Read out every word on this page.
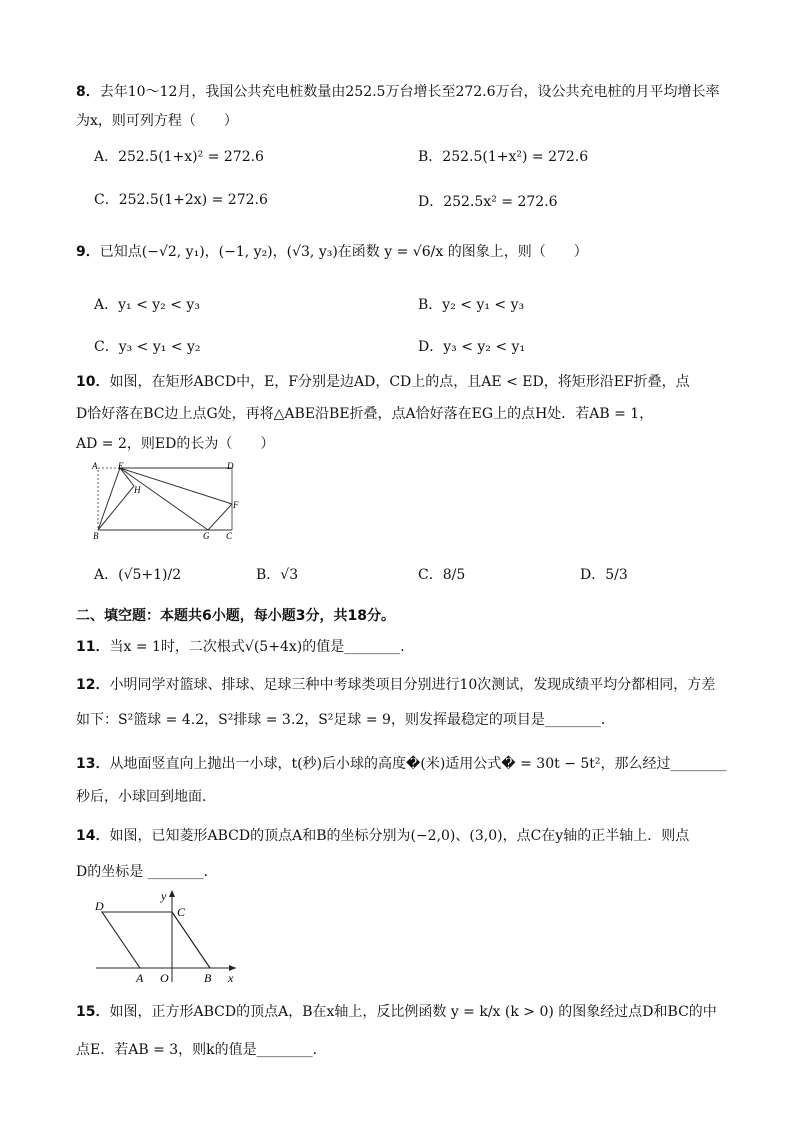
8．去年10～12月，我国公共充电桩数量由252.5万台增长至272.6万台，设公共充电桩的月平均增长率
为x，则可列方程（　　）
A．252.5(1+x)² = 272.6	B．252.5(1+x²) = 272.6
C．252.5(1+2x) = 272.6	D．252.5x² = 272.6
9．已知点(−√2, y₁)，(−1, y₂)，(√3, y₃)在函数 y = √6/x 的图象上，则（　　）
A．y₁ < y₂ < y₃	B．y₂ < y₁ < y₃
C．y₃ < y₁ < y₂	D．y₃ < y₂ < y₁
10．如图，在矩形ABCD中，E，F分别是边AD，CD上的点，且AE < ED，将矩形沿EF折叠，点
D恰好落在BC边上点G处，再将△ABE沿BE折叠，点A恰好落在EG上的点H处．若AB = 1，
AD = 2，则ED的长为（　　）
A E	D
H
F
B	G C
A．(√5+1)/2	B．√3	C．8/5	D．5/3
二、填空题：本题共6小题，每小题3分，共18分。
11．当x = 1时，二次根式√(5+4x)的值是________．
12．小明同学对篮球、排球、足球三种中考球类项目分别进行10次测试，发现成绩平均分都相同，方差
如下：S²篮球 = 4.2，S²排球 = 3.2，S²足球 = 9，则发挥最稳定的项目是________．
13．从地面竖直向上抛出一小球，t(秒)后小球的高度�(米)适用公式� = 30t − 5t²，那么经过________
秒后，小球回到地面．
14．如图，已知菱形ABCD的顶点A和B的坐标分别为(−2,0)、(3,0)，点C在y轴的正半轴上．则点
D的坐标是 ________．
D	C
y
A O	B x
15．如图，正方形ABCD的顶点A，B在x轴上，反比例函数 y = k/x (k > 0) 的图象经过点D和BC的中
点E．若AB = 3，则k的值是________．
